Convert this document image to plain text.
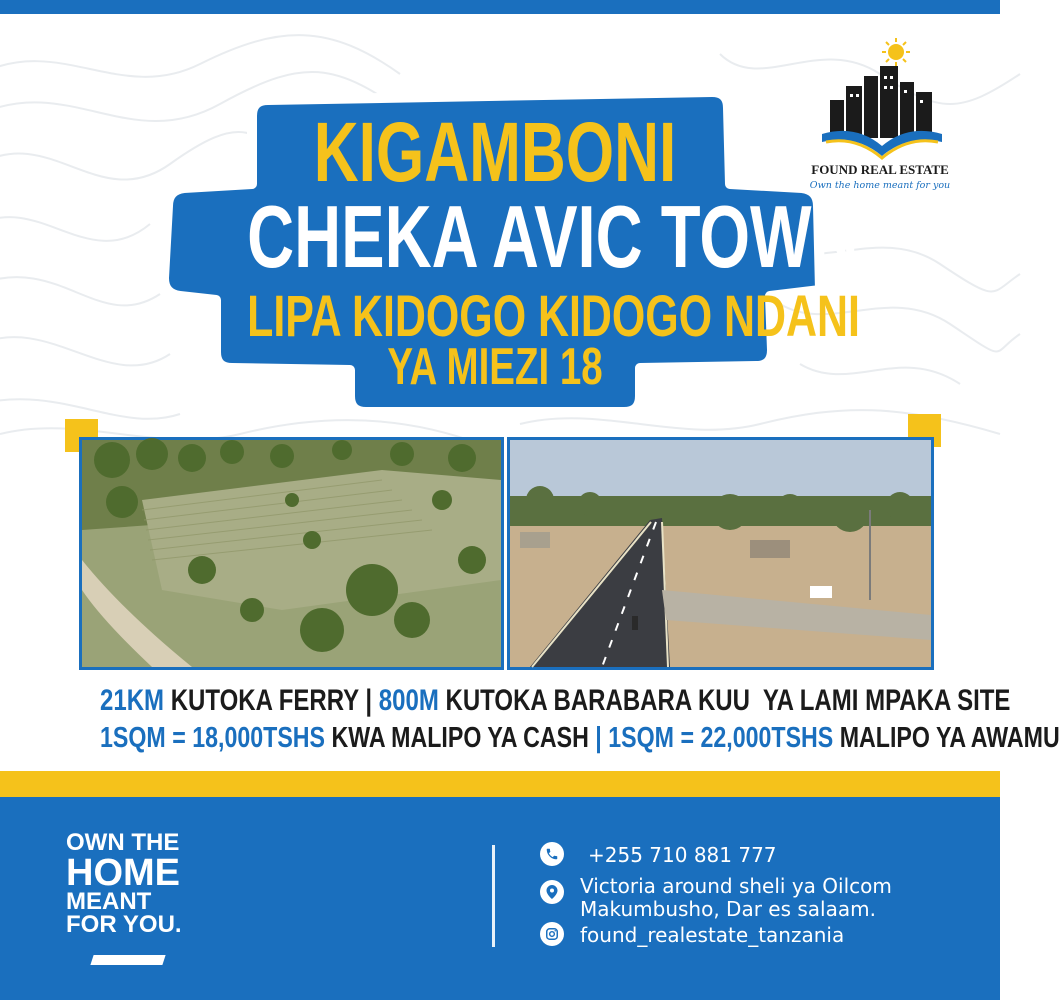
KIGAMBONI
CHEKA AVIC TOWN
LIPA KIDOGO KIDOGO NDANI
YA MIEZI 18
FOUND REAL ESTATE
Own the home meant for you
21KM KUTOKA FERRY | 800M KUTOKA BARABARA KUU  YA LAMI MPAKA SITE
1SQM = 18,000TSHS KWA MALIPO YA CASH | 1SQM = 22,000TSHS MALIPO YA AWAMU
OWN THE
HOME
MEANT
FOR YOU.
+255 710 881 777
Victoria around sheli ya Oilcom
Makumbusho, Dar es salaam.
found_realestate_tanzania
